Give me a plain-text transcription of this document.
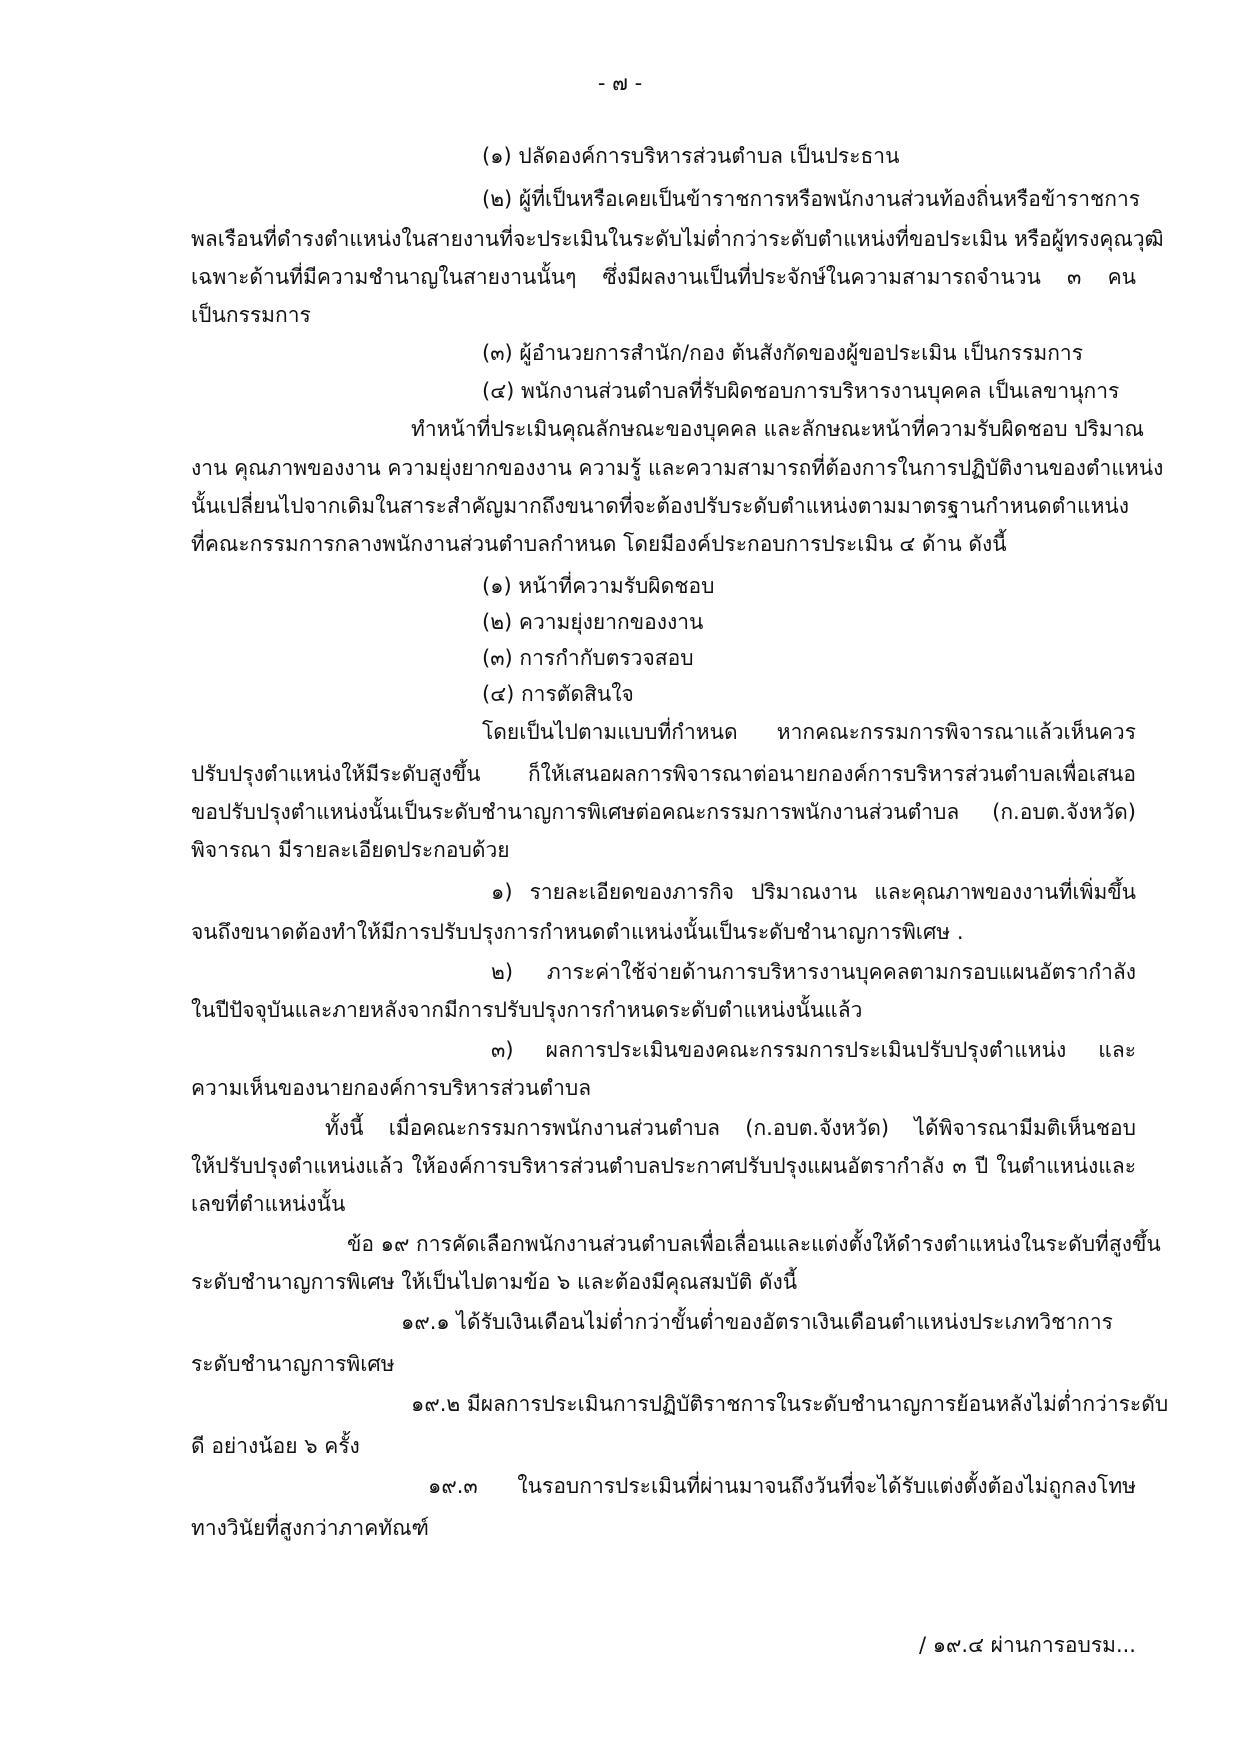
- ๗ -
(๑) ปลัดองค์การบริหารส่วนตำบล เป็นประธาน
(๒) ผู้ที่เป็นหรือเคยเป็นข้าราชการหรือพนักงานส่วนท้องถิ่นหรือข้าราชการ
พลเรือนที่ดำรงตำแหน่งในสายงานที่จะประเมินในระดับไม่ต่ำกว่าระดับตำแหน่งที่ขอประเมิน หรือผู้ทรงคุณวุฒิ
เฉพาะด้านที่มีความชำนาญในสายงานนั้นๆ ซึ่งมีผลงานเป็นที่ประจักษ์ในความสามารถจำนวน ๓ คน
เป็นกรรมการ
(๓) ผู้อำนวยการสำนัก/กอง ต้นสังกัดของผู้ขอประเมิน เป็นกรรมการ
(๔) พนักงานส่วนตำบลที่รับผิดชอบการบริหารงานบุคคล เป็นเลขานุการ
ทำหน้าที่ประเมินคุณลักษณะของบุคคล และลักษณะหน้าที่ความรับผิดชอบ ปริมาณ
งาน คุณภาพของงาน ความยุ่งยากของงาน ความรู้ และความสามารถที่ต้องการในการปฏิบัติงานของตำแหน่ง
นั้นเปลี่ยนไปจากเดิมในสาระสำคัญมากถึงขนาดที่จะต้องปรับระดับตำแหน่งตามมาตรฐานกำหนดตำแหน่ง
ที่คณะกรรมการกลางพนักงานส่วนตำบลกำหนด โดยมีองค์ประกอบการประเมิน ๔ ด้าน ดังนี้
(๑) หน้าที่ความรับผิดชอบ
(๒) ความยุ่งยากของงาน
(๓) การกำกับตรวจสอบ
(๔) การตัดสินใจ
โดยเป็นไปตามแบบที่กำหนด หากคณะกรรมการพิจารณาแล้วเห็นควร
ปรับปรุงตำแหน่งให้มีระดับสูงขึ้น ก็ให้เสนอผลการพิจารณาต่อนายกองค์การบริหารส่วนตำบลเพื่อเสนอ
ขอปรับปรุงตำแหน่งนั้นเป็นระดับชำนาญการพิเศษต่อคณะกรรมการพนักงานส่วนตำบล (ก.อบต.จังหวัด)
พิจารณา มีรายละเอียดประกอบด้วย
๑) รายละเอียดของภารกิจ ปริมาณงาน และคุณภาพของงานที่เพิ่มขึ้น
จนถึงขนาดต้องทำให้มีการปรับปรุงการกำหนดตำแหน่งนั้นเป็นระดับชำนาญการพิเศษ .
๒) ภาระค่าใช้จ่ายด้านการบริหารงานบุคคลตามกรอบแผนอัตรากำลัง
ในปีปัจจุบันและภายหลังจากมีการปรับปรุงการกำหนดระดับตำแหน่งนั้นแล้ว
๓) ผลการประเมินของคณะกรรมการประเมินปรับปรุงตำแหน่ง และ
ความเห็นของนายกองค์การบริหารส่วนตำบล
ทั้งนี้ เมื่อคณะกรรมการพนักงานส่วนตำบล (ก.อบต.จังหวัด) ได้พิจารณามีมติเห็นชอบ
ให้ปรับปรุงตำแหน่งแล้ว ให้องค์การบริหารส่วนตำบลประกาศปรับปรุงแผนอัตรากำลัง ๓ ปี ในตำแหน่งและ
เลขที่ตำแหน่งนั้น
ข้อ ๑๙ การคัดเลือกพนักงานส่วนตำบลเพื่อเลื่อนและแต่งตั้งให้ดำรงตำแหน่งในระดับที่สูงขึ้น
ระดับชำนาญการพิเศษ ให้เป็นไปตามข้อ ๖ และต้องมีคุณสมบัติ ดังนี้
๑๙.๑ ได้รับเงินเดือนไม่ต่ำกว่าขั้นต่ำของอัตราเงินเดือนตำแหน่งประเภทวิชาการ
ระดับชำนาญการพิเศษ
๑๙.๒ มีผลการประเมินการปฏิบัติราชการในระดับชำนาญการย้อนหลังไม่ต่ำกว่าระดับ
ดี อย่างน้อย ๖ ครั้ง
๑๙.๓ ในรอบการประเมินที่ผ่านมาจนถึงวันที่จะได้รับแต่งตั้งต้องไม่ถูกลงโทษ
ทางวินัยที่สูงกว่าภาคทัณฑ์
/ ๑๙.๔ ผ่านการอบรม...
